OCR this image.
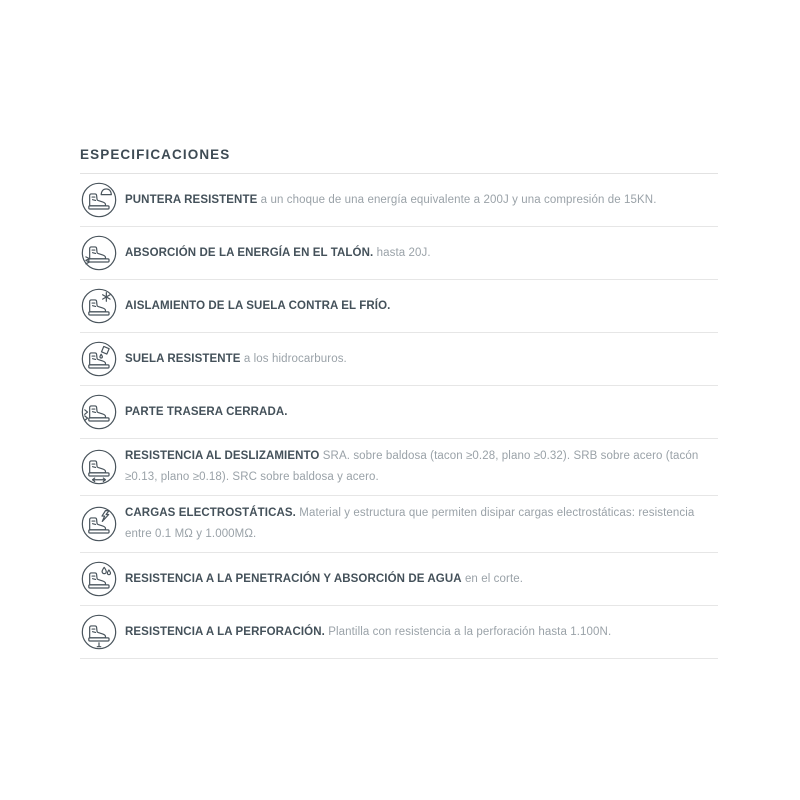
ESPECIFICACIONES

PUNTERA RESISTENTE a un choque de una energía equivalente a 200J y una compresión de 15KN.

ABSORCIÓN DE LA ENERGÍA EN EL TALÓN. hasta 20J.

AISLAMIENTO DE LA SUELA CONTRA EL FRÍO.

SUELA RESISTENTE a los hidrocarburos.

PARTE TRASERA CERRADA.

RESISTENCIA AL DESLIZAMIENTO SRA. sobre baldosa (tacon ≥0.28, plano ≥0.32). SRB sobre acero (tacón ≥0.13, plano ≥0.18). SRC sobre baldosa y acero.

CARGAS ELECTROSTÁTICAS. Material y estructura que permiten disipar cargas electrostáticas: resistencia entre 0.1 MΩ y 1.000MΩ.

RESISTENCIA A LA PENETRACIÓN Y ABSORCIÓN DE AGUA en el corte.

RESISTENCIA A LA PERFORACIÓN. Plantilla con resistencia a la perforación hasta 1.100N.
